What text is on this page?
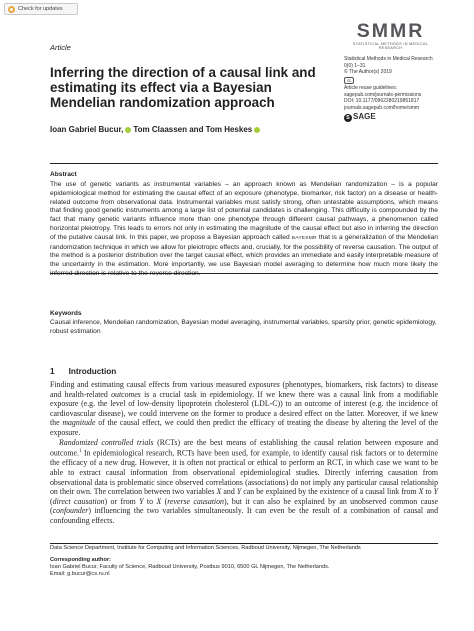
Check for updates
SMMR
STATISTICAL METHODS IN MEDICAL RESEARCH
Article
Statistical Methods in Medical Research
0(0) 1–31
© The Author(s) 2019
cc
Article reuse guidelines:
sagepub.com/journals-permissions
DOI: 10.1177/0962280219851817
journals.sagepub.com/home/smm
S SAGE
Inferring the direction of a causal link and estimating its effect via a Bayesian Mendelian randomization approach
Ioan Gabriel Bucur, Tom Claassen and Tom Heskes
Abstract
The use of genetic variants as instrumental variables – an approach known as Mendelian randomization – is a popular epidemiological method for estimating the causal effect of an exposure (phenotype, biomarker, risk factor) on a disease or health-related outcome from observational data. Instrumental variables must satisfy strong, often untestable assumptions, which means that finding good genetic instruments among a large list of potential candidates is challenging. This difficulty is compounded by the fact that many genetic variants influence more than one phenotype through different causal pathways, a phenomenon called horizontal pleiotropy. This leads to errors not only in estimating the magnitude of the causal effect but also in inferring the direction of the putative causal link. In this paper, we propose a Bayesian approach called BAYESMR that is a generalization of the Mendelian randomization technique in which we allow for pleiotropic effects and, crucially, for the possibility of reverse causation. The output of the method is a posterior distribution over the target causal effect, which provides an immediate and easily interpretable measure of the uncertainty in the estimation. More importantly, we use Bayesian model averaging to determine how much more likely the inferred direction is relative to the reverse direction.
Keywords
Causal inference, Mendelian randomization, Bayesian model averaging, instrumental variables, sparsity prior, genetic epidemiology, robust estimation
1 Introduction

Finding and estimating causal effects from various measured exposures (phenotypes, biomarkers, risk factors) to disease and health-related outcomes is a crucial task in epidemiology. If we knew there was a causal link from a modifiable exposure (e.g. the level of low-density lipoprotein cholesterol (LDL-C)) to an outcome of interest (e.g. the incidence of cardiovascular disease), we could intervene on the former to produce a desired effect on the latter. Moreover, if we knew the magnitude of the causal effect, we could then predict the efficacy of treating the disease by altering the level of the exposure.

Randomized controlled trials (RCTs) are the best means of establishing the causal relation between exposure and outcome.$^1$ In epidemiological research, RCTs have been used, for example, to identify causal risk factors or to determine the efficacy of a new drug. However, it is often not practical or ethical to perform an RCT, in which case we want to be able to extract causal information from observational epidemiological studies. Directly inferring causation from observational data is problematic since observed correlations (associations) do not imply any particular causal relationship on their own. The correlation between two variables X and Y can be explained by the existence of a causal link from X to Y (direct causation) or from Y to X (reverse causation), but it can also be explained by an unobserved common cause (confounder) influencing the two variables simultaneously. It can even be the result of a combination of causal and confounding effects.

Data Science Department, Institute for Computing and Information Sciences, Radboud University, Nijmegen, The Netherlands
Corresponding author:
Ioan Gabriel Bucur, Faculty of Science, Radboud University, Postbus 9010, 6500 GL Nijmegen, The Netherlands.
Email: g.bucur@cs.ru.nl
